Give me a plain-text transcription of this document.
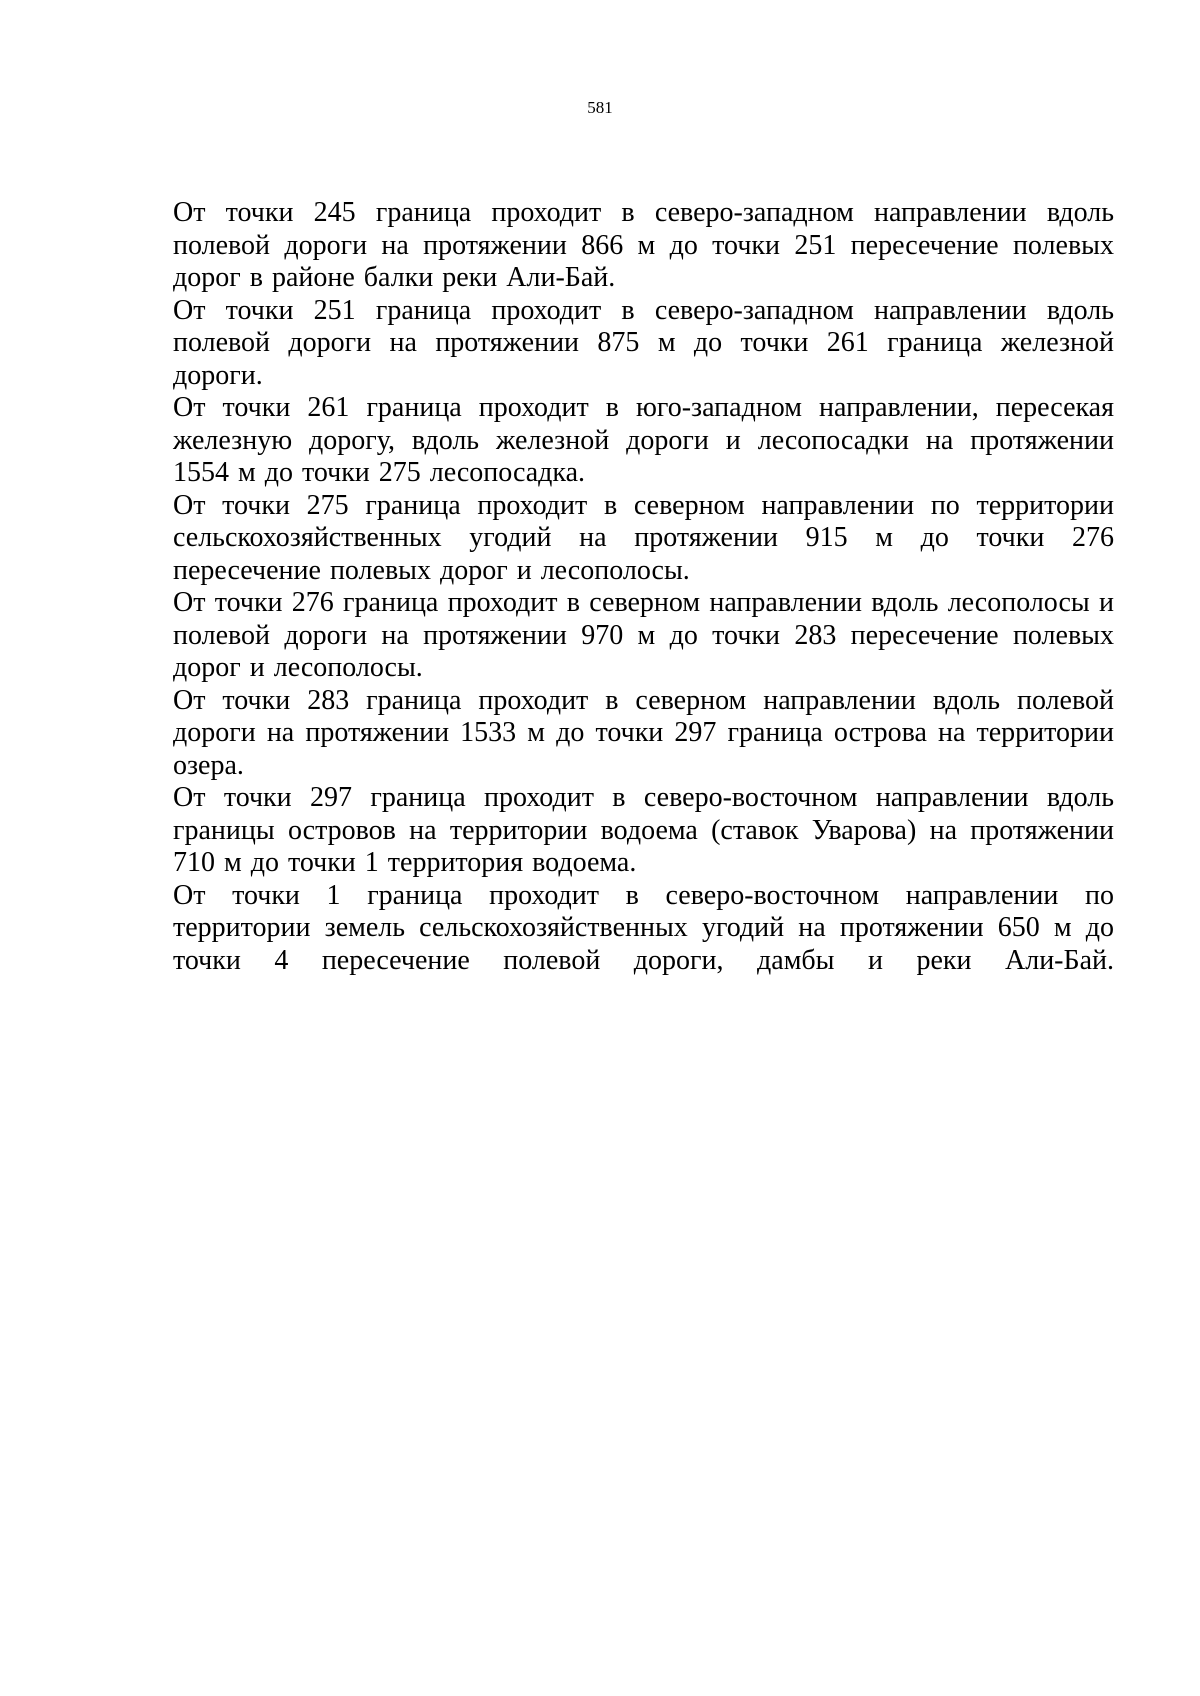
581

От точки 245 граница проходит в северо-западном направлении вдоль полевой дороги на протяжении 866 м до точки 251 пересечение полевых дорог в районе балки реки Али-Бай.

От точки 251 граница проходит в северо-западном направлении вдоль полевой дороги на протяжении 875 м до точки 261 граница железной дороги.

От точки 261 граница проходит в юго-западном направлении, пересекая железную дорогу, вдоль железной дороги и лесопосадки на протяжении 1554 м до точки 275 лесопосадка.

От точки 275 граница проходит в северном направлении по территории сельскохозяйственных угодий на протяжении 915 м до точки 276 пересечение полевых дорог и лесополосы.

От точки 276 граница проходит в северном направлении вдоль лесополосы и полевой дороги на протяжении 970 м до точки 283 пересечение полевых дорог и лесополосы.

От точки 283 граница проходит в северном направлении вдоль полевой дороги на протяжении 1533 м до точки 297 граница острова на территории озера.

От точки 297 граница проходит в северо-восточном направлении вдоль границы островов на территории водоема (ставок Уварова) на протяжении 710 м до точки 1 территория водоема.

От точки 1 граница проходит в северо-восточном направлении по территории земель сельскохозяйственных угодий на протяжении 650 м до точки 4 пересечение полевой дороги, дамбы и реки Али-Бай.
